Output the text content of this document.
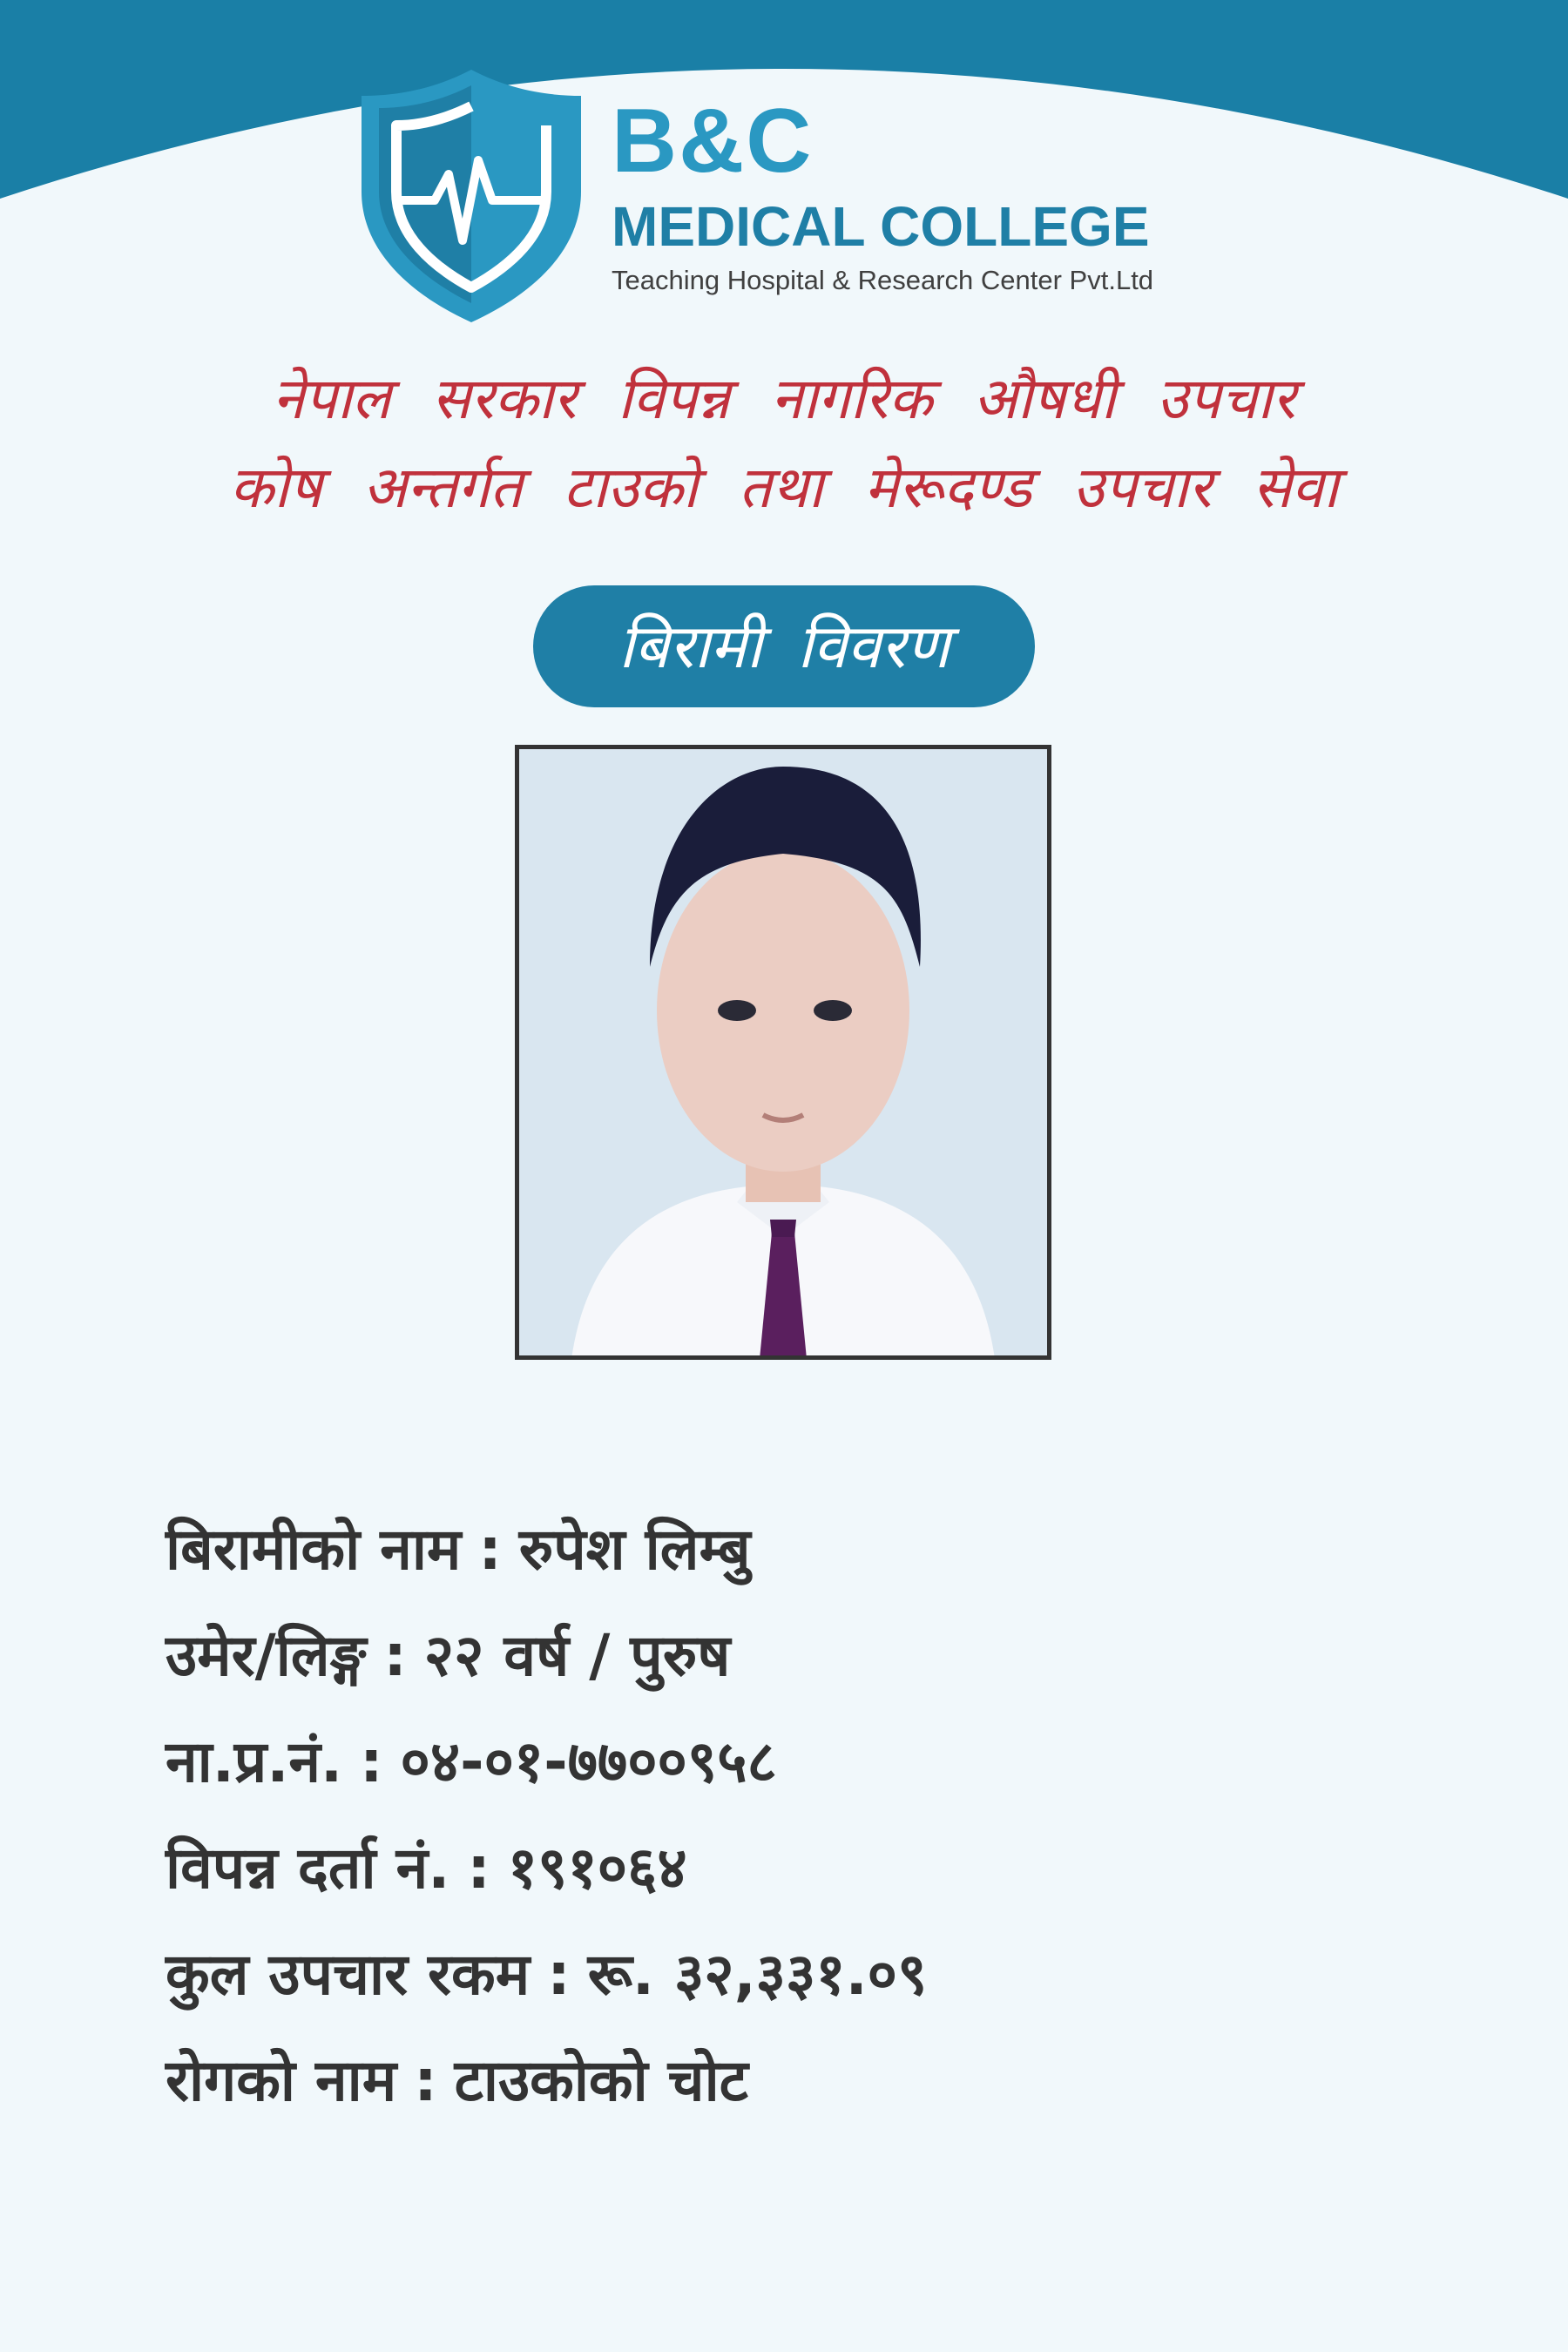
B&C
MEDICAL COLLEGE
Teaching Hospital & Research Center Pvt.Ltd
नेपाल सरकार विपन्न नागरिक औषधी उपचार
कोष अन्तर्गत टाउको तथा मेरूदण्ड उपचार सेवा
बिरामी विवरण
बिरामीको नाम : रुपेश लिम्बु
उमेर/लिङ्ग : २२ वर्ष / पुरुष
ना.प्र.नं. : ०४-०१-७७००९५८
विपन्न दर्ता नं. : १९१०६४
कुल उपचार रकम : रू. ३२,३३१.०९
रोगको नाम : टाउकोको चोट
